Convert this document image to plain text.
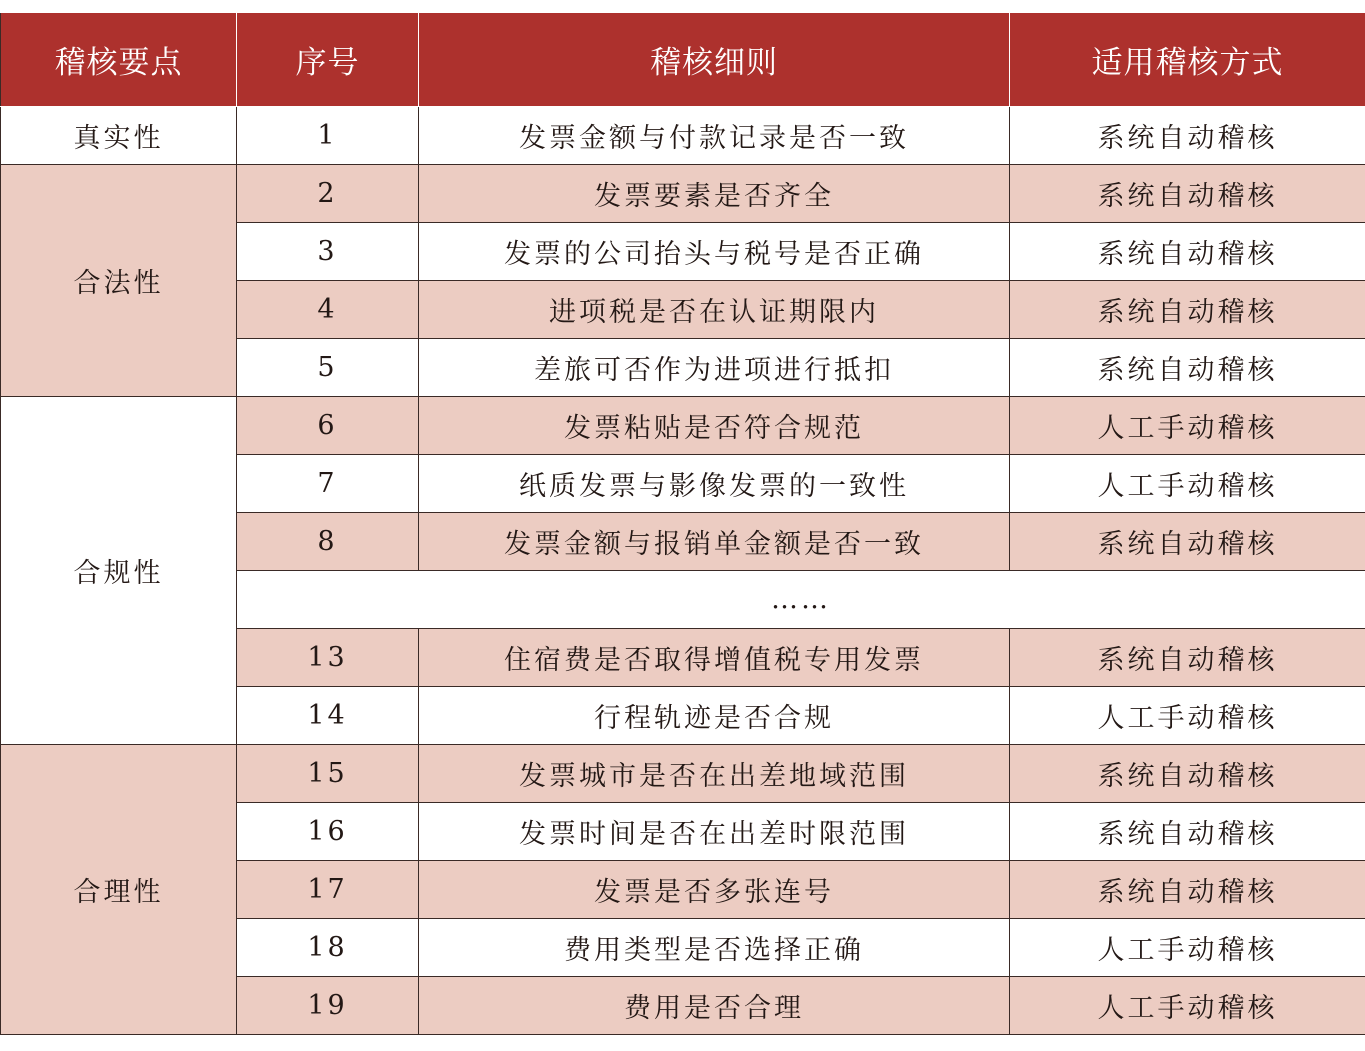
稽核要点	序号	稽核细则	适用稽核方式
真实性	1	发票金额与付款记录是否一致	系统自动稽核
合法性	2	发票要素是否齐全	系统自动稽核
	3	发票的公司抬头与税号是否正确	系统自动稽核
	4	进项税是否在认证期限内	系统自动稽核
	5	差旅可否作为进项进行抵扣	系统自动稽核
合规性	6	发票粘贴是否符合规范	人工手动稽核
	7	纸质发票与影像发票的一致性	人工手动稽核
	8	发票金额与报销单金额是否一致	系统自动稽核
	……		
	13	住宿费是否取得增值税专用发票	系统自动稽核
	14	行程轨迹是否合规	人工手动稽核
合理性	15	发票城市是否在出差地域范围	系统自动稽核
	16	发票时间是否在出差时限范围	系统自动稽核
	17	发票是否多张连号	系统自动稽核
	18	费用类型是否选择正确	人工手动稽核
	19	费用是否合理	人工手动稽核
